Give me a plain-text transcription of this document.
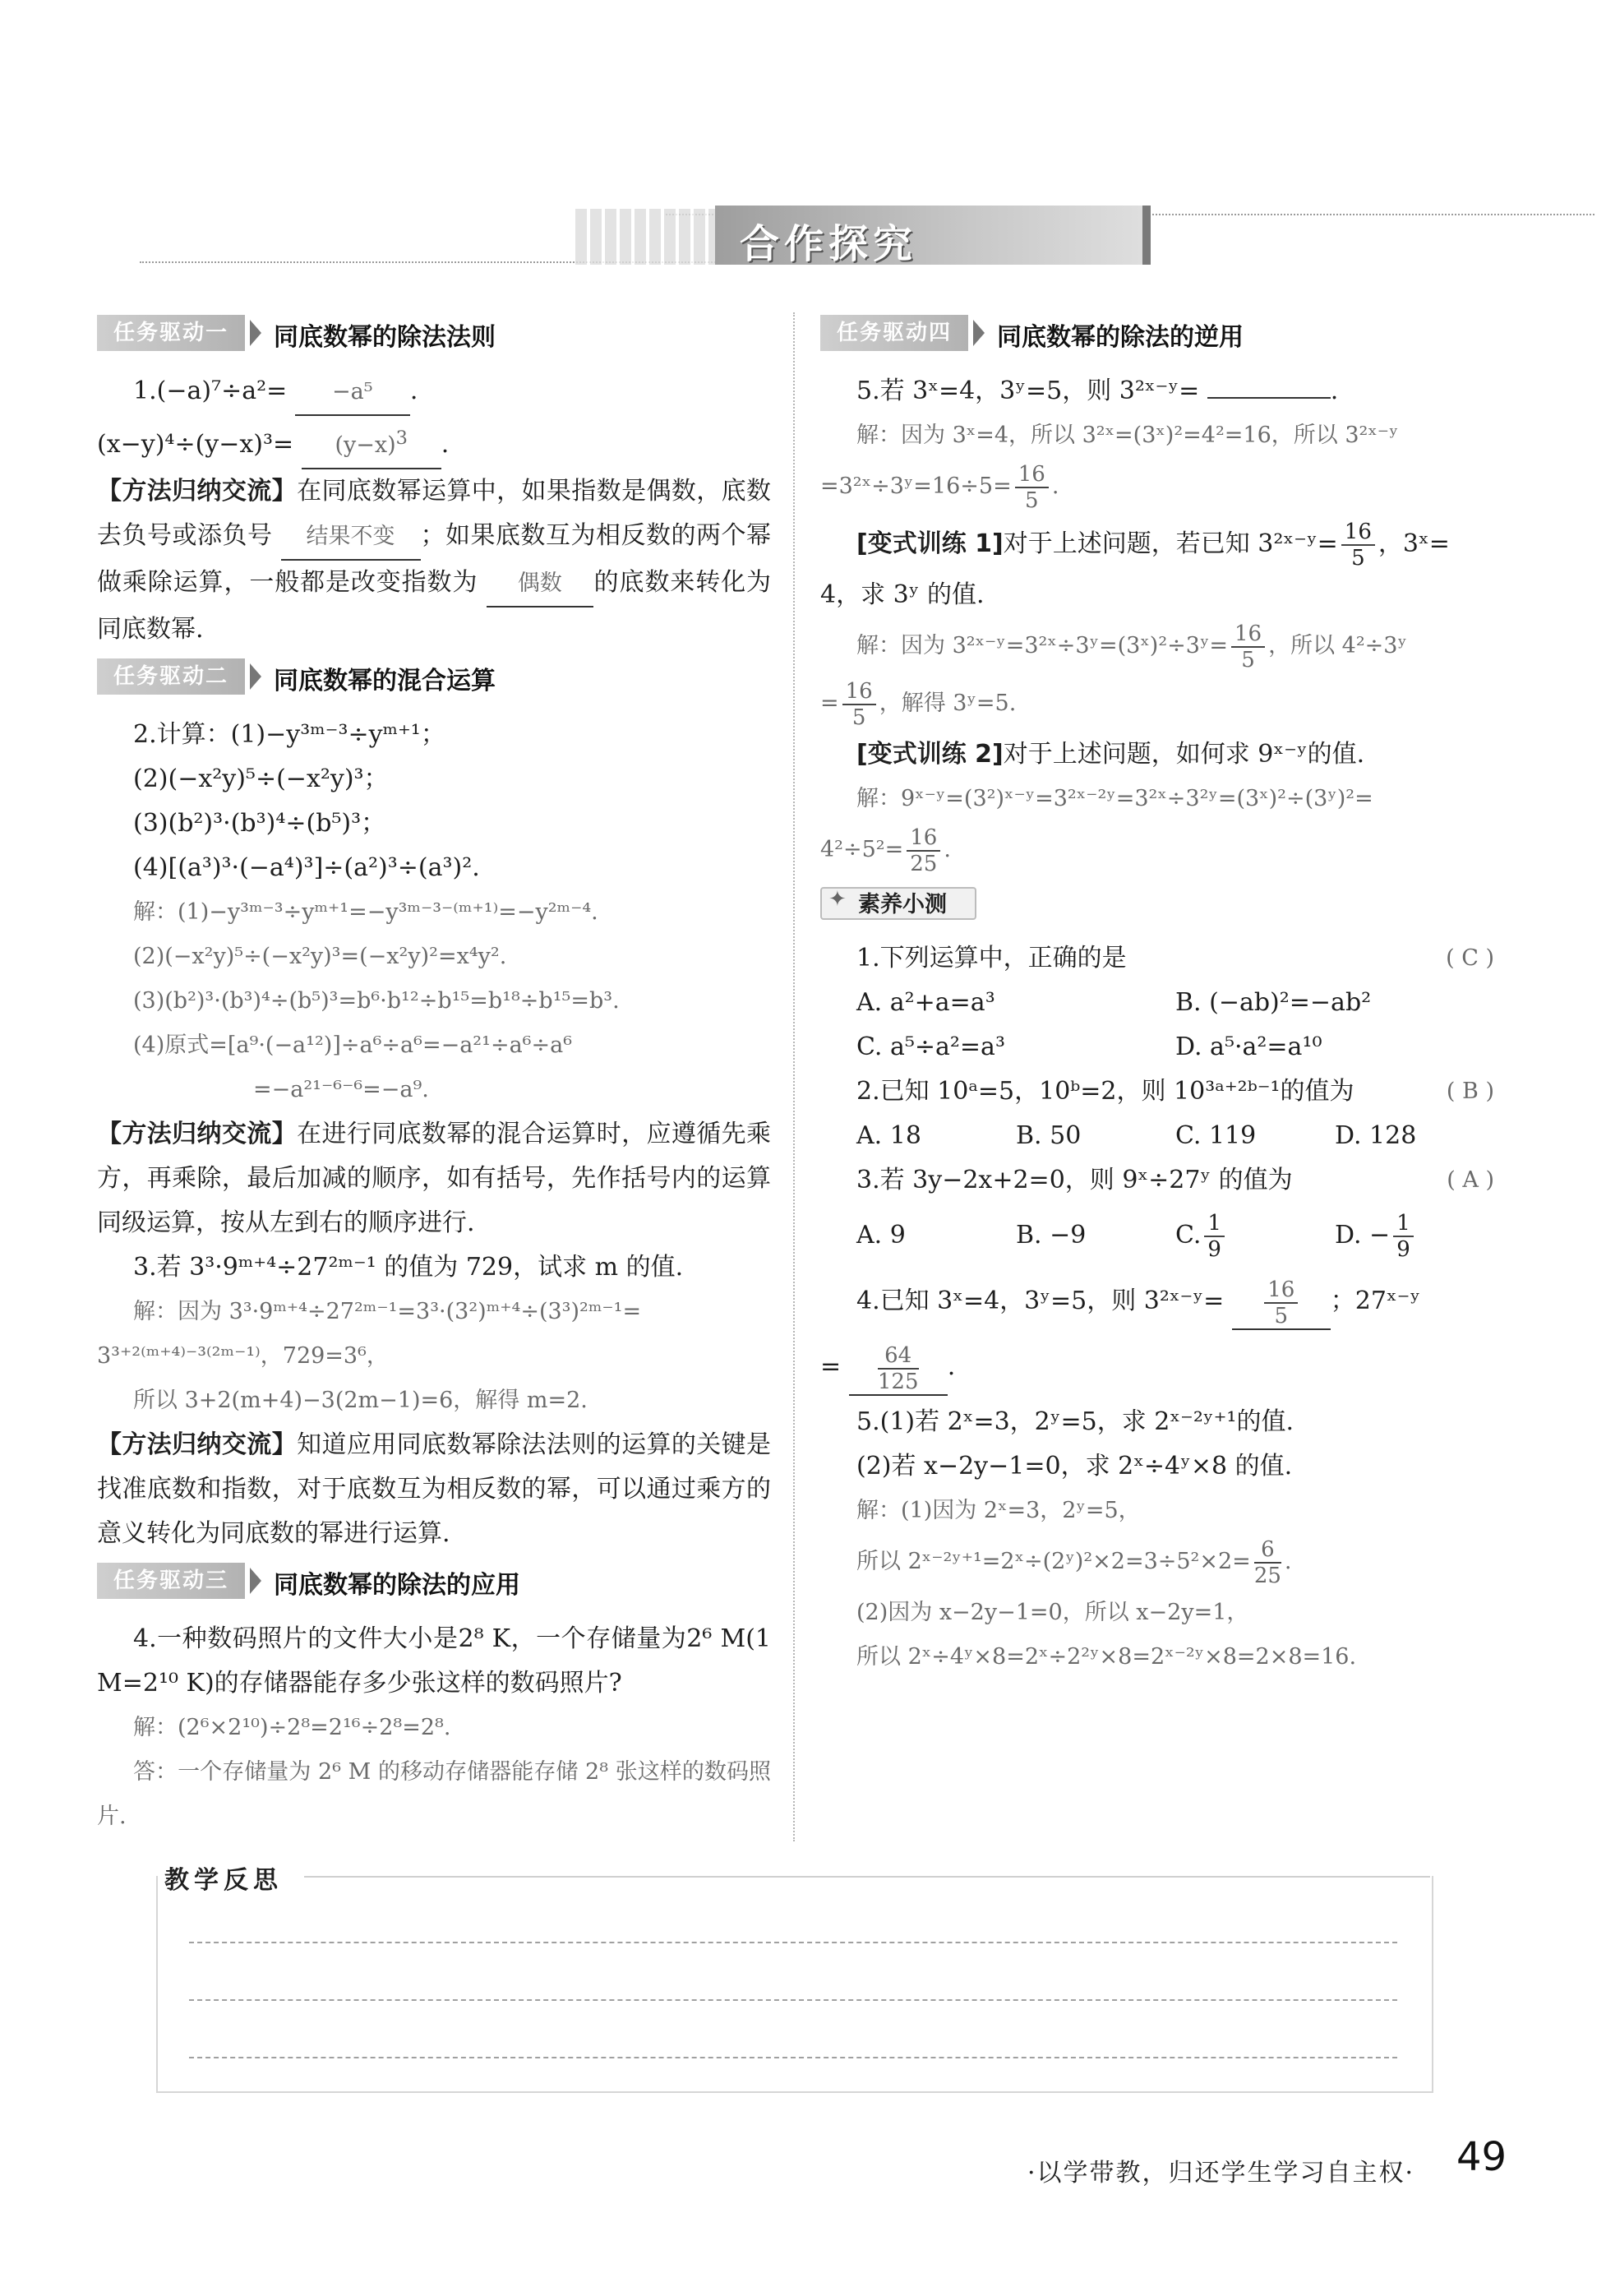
合作探究
任务驱动一	同底数幂的除法法则
1.(−a)⁷÷a²= −a⁵ .
$(x-y)^4\div(y-x)^3= (y-x)^3$ .
【方法归纳交流】在同底数幂运算中，如果指数是偶数，底数去负号或添负号 结果不变 ；如果底数互为相反数的两个幂做乘除运算，一般都是改变指数为 偶数 的底数来转化为同底数幂.
任务驱动二	同底数幂的混合运算
2.计算：(1)−y³ᵐ⁻³÷yᵐ⁺¹；
(2)(−x²y)⁵÷(−x²y)³；
(3)(b²)³·(b³)⁴÷(b⁵)³；
(4)[(a³)³·(−a⁴)³]÷(a²)³÷(a³)².
解：(1)−y³ᵐ⁻³÷yᵐ⁺¹=−y³ᵐ⁻³⁻⁽ᵐ⁺¹⁾=−y²ᵐ⁻⁴.
(2)(−x²y)⁵÷(−x²y)³=(−x²y)²=x⁴y².
(3)(b²)³·(b³)⁴÷(b⁵)³=b⁶·b¹²÷b¹⁵=b¹⁸÷b¹⁵=b³.
(4)原式=[a⁹·(−a¹²)]÷a⁶÷a⁶=−a²¹÷a⁶÷a⁶
=−a²¹⁻⁶⁻⁶=−a⁹.
【方法归纳交流】在进行同底数幂的混合运算时，应遵循先乘方，再乘除，最后加减的顺序，如有括号，先作括号内的运算同级运算，按从左到右的顺序进行.
3.若 3³·9ᵐ⁺⁴÷27²ᵐ⁻¹ 的值为 729，试求 m 的值.
解：因为 3³·9ᵐ⁺⁴÷27²ᵐ⁻¹=3³·(3²)ᵐ⁺⁴÷(3³)²ᵐ⁻¹=
3³⁺²⁽ᵐ⁺⁴⁾⁻³⁽²ᵐ⁻¹⁾，729=3⁶，
所以 3+2(m+4)−3(2m−1)=6，解得 m=2.
【方法归纳交流】知道应用同底数幂除法法则的运算的关键是找准底数和指数，对于底数互为相反数的幂，可以通过乘方的意义转化为同底数的幂进行运算.
任务驱动三	同底数幂的除法的应用
4.一种数码照片的文件大小是2⁸ K，一个存储量为2⁶ M(1 M=2¹⁰ K)的存储器能存多少张这样的数码照片?
解：(2⁶×2¹⁰)÷2⁸=2¹⁶÷2⁸=2⁸.
答：一个存储量为 2⁶ M 的移动存储器能存储 2⁸ 张这样的数码照片.
任务驱动四	同底数幂的除法的逆用
5.若 3ˣ=4，3ʸ=5，则 3²ˣ⁻ʸ=	.
解：因为 3ˣ=4，所以 3²ˣ=(3ˣ)²=4²=16，所以 3²ˣ⁻ʸ
=3²ˣ÷3ʸ=16÷5= $\frac{16}{5}$ .
[变式训练 1]对于上述问题，若已知 3²ˣ⁻ʸ= $\frac{16}{5}$ ，3ˣ=
4，求 3ʸ 的值.
解：因为 3²ˣ⁻ʸ=3²ˣ÷3ʸ=(3ˣ)²÷3ʸ= $\frac{16}{5}$ ，所以 4²÷3ʸ
= $\frac{16}{5}$ ，解得 3ʸ=5.
[变式训练 2]对于上述问题，如何求 9ˣ⁻ʸ的值.
解：9ˣ⁻ʸ=(3²)ˣ⁻ʸ=3²ˣ⁻²ʸ=3²ˣ÷3²ʸ=(3ˣ)²÷(3ʸ)²=
$4^2\div 5^2= \frac{16}{25}$ .
素养小测
✦
1.下列运算中，正确的是	( C )
A. a²+a=a³	B. (−ab)²=−ab²
C. a⁵÷a²=a³	D. a⁵·a²=a¹⁰
2.已知 10ᵃ=5，10ᵇ=2，则 10³ᵃ⁺²ᵇ⁻¹的值为	( B )
A. 18	B. 50	C. 119	D. 128
3.若 3y−2x+2=0，则 9ˣ÷27ʸ 的值为	( A )
A. 9	B. −9	C. $\frac{1}{9}$	D. − $\frac{1}{9}$
4.已知 3ˣ=4，3ʸ=5，则 3²ˣ⁻ʸ= $\frac{16}{5}$ ；27ˣ⁻ʸ
= $\frac{64}{125}$ .
5.(1)若 2ˣ=3，2ʸ=5，求 2ˣ⁻²ʸ⁺¹的值.
(2)若 x−2y−1=0，求 2ˣ÷4ʸ×8 的值.
解：(1)因为 2ˣ=3，2ʸ=5，
所以 2ˣ⁻²ʸ⁺¹=2ˣ÷(2ʸ)²×2=3÷5²×2= $\frac{6}{25}$ .
(2)因为 x−2y−1=0，所以 x−2y=1，
所以 2ˣ÷4ʸ×8=2ˣ÷2²ʸ×8=2ˣ⁻²ʸ×8=2×8=16.
教学反思
·以学带教，归还学生学习自主权· 49
